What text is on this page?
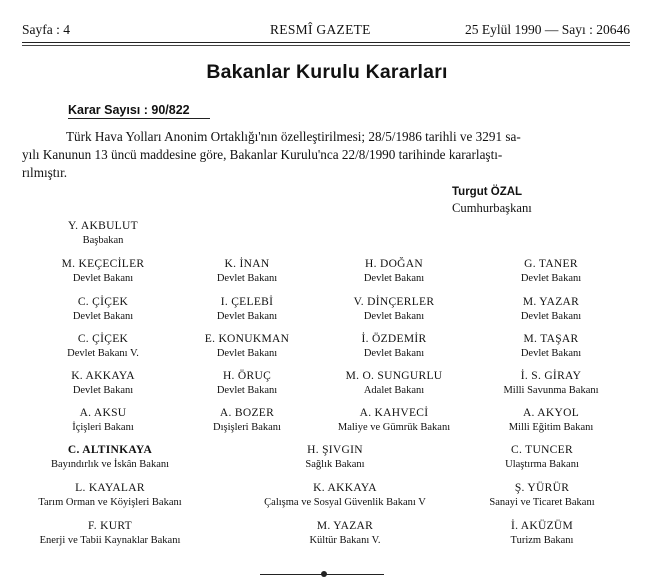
Sayfa : 4	RESMÎ GAZETE	25 Eylül 1990 — Sayı : 20646
Bakanlar Kurulu Kararları
Karar Sayısı : 90/822
Türk Hava Yolları Anonim Ortaklığı'nın özelleştirilmesi; 28/5/1986 tarihli ve 3291 sa-
yılı Kanunun 13 üncü maddesine göre, Bakanlar Kurulu'nca 22/8/1990 tarihinde kararlaştı-
rılmıştır.
Turgut ÖZAL
Cumhurbaşkanı
Y. AKBULUT
Başbakan
M. KEÇECİLER
Devlet Bakanı
K. İNAN
Devlet Bakanı
H. DOĞAN
Devlet Bakanı
G. TANER
Devlet Bakanı
C. ÇİÇEK
Devlet Bakanı
I. ÇELEBİ
Devlet Bakanı
V. DİNÇERLER
Devlet Bakanı
M. YAZAR
Devlet Bakanı
C. ÇİÇEK
Devlet Bakanı V.
E. KONUKMAN
Devlet Bakanı
İ. ÖZDEMİR
Devlet Bakanı
M. TAŞAR
Devlet Bakanı
K. AKKAYA
Devlet Bakanı
H. ÖRUÇ
Devlet Bakanı
M. O. SUNGURLU
Adalet Bakanı
İ. S. GİRAY
Milli Savunma Bakanı
A. AKSU
İçişleri Bakanı
A. BOZER
Dışişleri Bakanı
A. KAHVECİ
Maliye ve Gümrük Bakanı
A. AKYOL
Milli Eğitim Bakanı
C. ALTINKAYA
Bayındırlık ve İskân Bakanı
H. ŞIVGIN
Sağlık Bakanı
C. TUNCER
Ulaştırma Bakanı
L. KAYALAR
Tarım Orman ve Köyişleri Bakanı
K. AKKAYA
Çalışma ve Sosyal Güvenlik Bakanı V
Ş. YÜRÜR
Sanayi ve Ticaret Bakanı
F. KURT
Enerji ve Tabii Kaynaklar Bakanı
M. YAZAR
Kültür Bakanı V.
İ. AKÜZÜM
Turizm Bakanı
